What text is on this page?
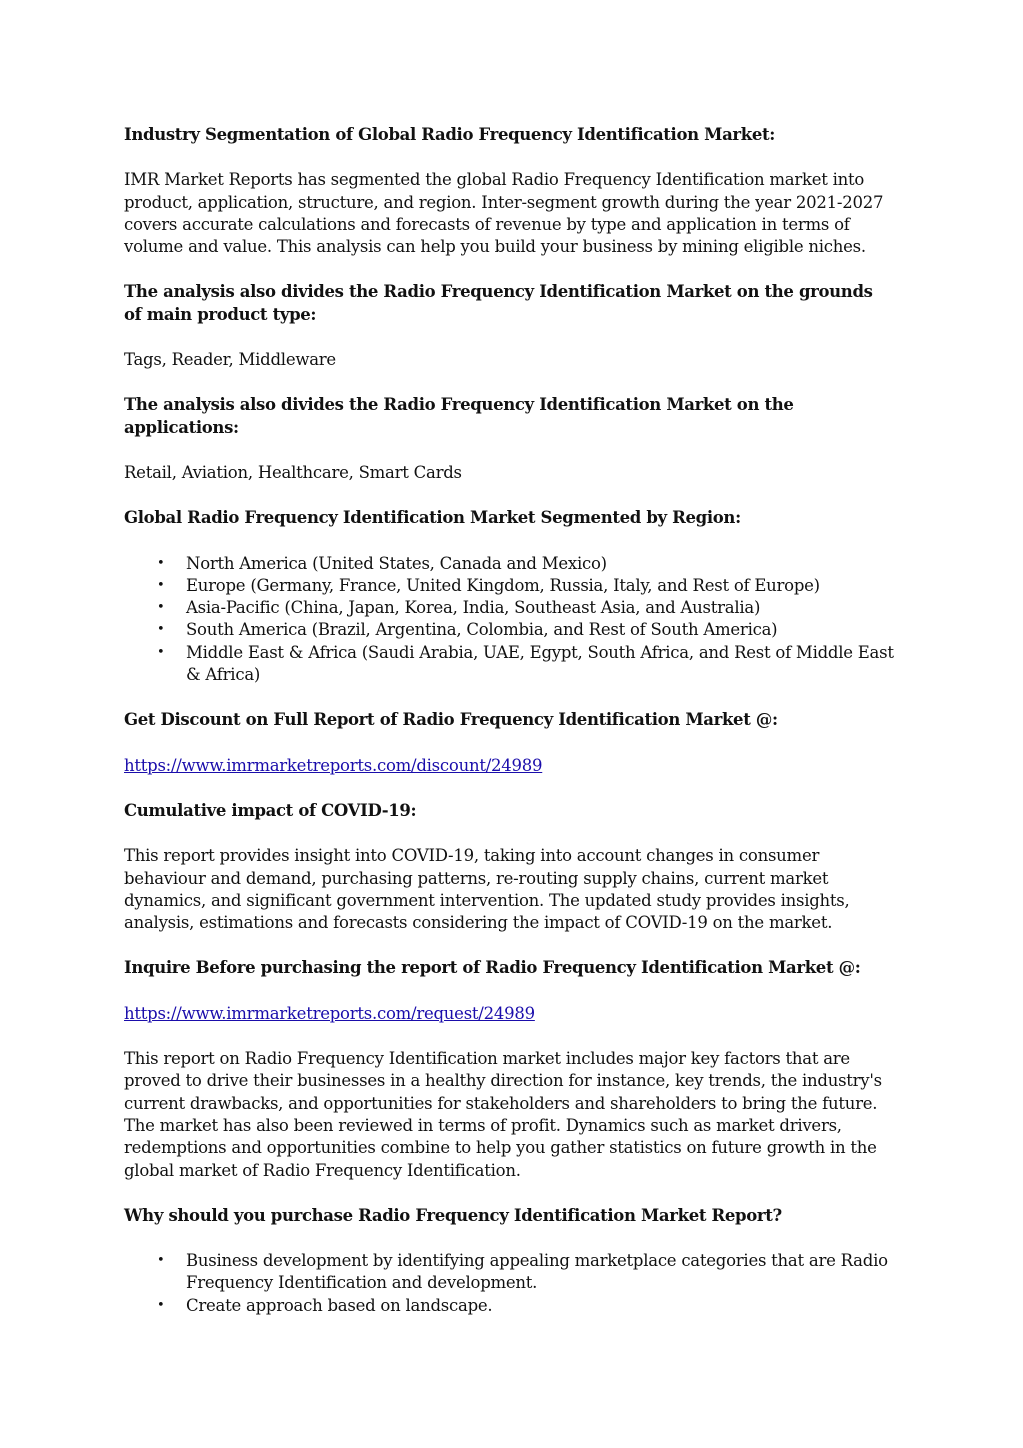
Industry Segmentation of Global Radio Frequency Identification Market:

IMR Market Reports has segmented the global Radio Frequency Identification market into product, application, structure, and region. Inter-segment growth during the year 2021-2027 covers accurate calculations and forecasts of revenue by type and application in terms of volume and value. This analysis can help you build your business by mining eligible niches.

The analysis also divides the Radio Frequency Identification Market on the grounds of main product type:

Tags, Reader, Middleware

The analysis also divides the Radio Frequency Identification Market on the applications:

Retail, Aviation, Healthcare, Smart Cards

Global Radio Frequency Identification Market Segmented by Region:

• North America (United States, Canada and Mexico)
• Europe (Germany, France, United Kingdom, Russia, Italy, and Rest of Europe)
• Asia-Pacific (China, Japan, Korea, India, Southeast Asia, and Australia)
• South America (Brazil, Argentina, Colombia, and Rest of South America)
• Middle East & Africa (Saudi Arabia, UAE, Egypt, South Africa, and Rest of Middle East & Africa)

Get Discount on Full Report of Radio Frequency Identification Market @:

https://www.imrmarketreports.com/discount/24989

Cumulative impact of COVID-19:

This report provides insight into COVID-19, taking into account changes in consumer behaviour and demand, purchasing patterns, re-routing supply chains, current market dynamics, and significant government intervention. The updated study provides insights, analysis, estimations and forecasts considering the impact of COVID-19 on the market.

Inquire Before purchasing the report of Radio Frequency Identification Market @:

https://www.imrmarketreports.com/request/24989

This report on Radio Frequency Identification market includes major key factors that are proved to drive their businesses in a healthy direction for instance, key trends, the industry's current drawbacks, and opportunities for stakeholders and shareholders to bring the future. The market has also been reviewed in terms of profit. Dynamics such as market drivers, redemptions and opportunities combine to help you gather statistics on future growth in the global market of Radio Frequency Identification.

Why should you purchase Radio Frequency Identification Market Report?

• Business development by identifying appealing marketplace categories that are Radio Frequency Identification and development.
• Create approach based on landscape.
